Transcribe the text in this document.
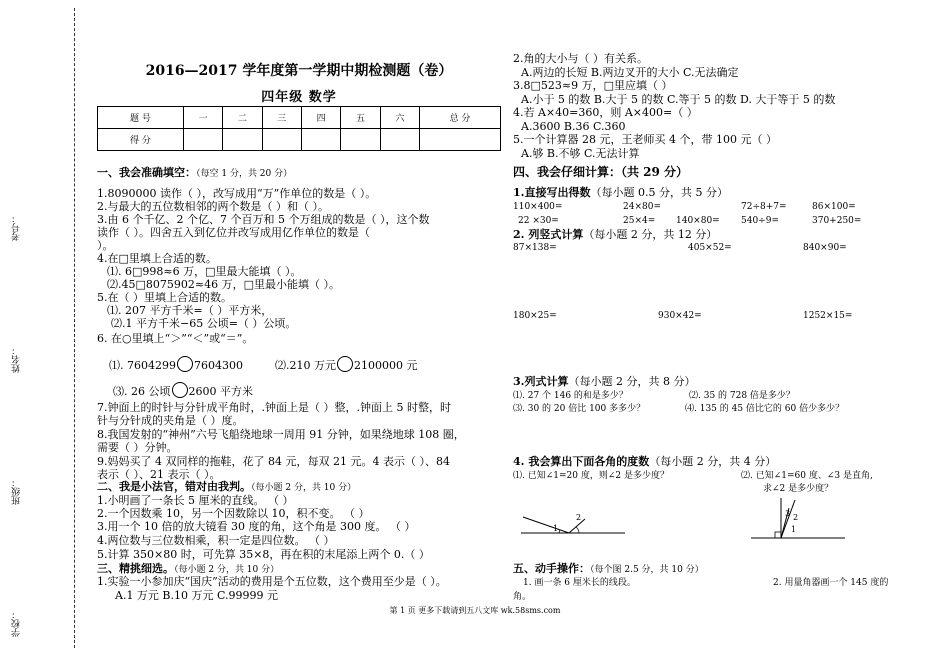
考号：
姓名：
班级：
学校：
2016—2017 学年度第一学期中期检测题（卷）
四年级 数学
题 号	一	二	三	四	五	六	总 分
得 分							
一、我会准确填空：（每空 1 分，共 20 分）
1.8090000 读作（ ），改写成用“万”作单位的数是（ ）。
2.与最大的五位数相邻的两个数是（ ）和（ ）。
3.由 6 个千亿、2 个亿、7 个百万和 5 个万组成的数是（ ），这个数
读作（ ）。四舍五入到亿位并改写成用亿作单位的数是（
）。
4.在□里填上合适的数。
⑴. 6□998≈6 万，□里最大能填（ ）。
⑵.45□8075902≈46 万，□里最小能填（ ）。
5.在（ ）里填上合适的数。
⑴. 207 平方千米=（ ）平方米，
⑵.1 平方千米−65 公顷=（ ）公顷。
6. 在○里填上“＞”“＜”或“＝”。
⑴. 7604299 7604300	⑵.210 万元 2100000 元
⑶. 26 公顷 2600 平方米
7.钟面上的时针与分针成平角时，.钟面上是（ ）整，.钟面上 5 时整，时
针与分针成的夹角是（ ）度。
8.我国发射的“神州”六号飞船绕地球一周用 91 分钟，如果绕地球 108 圈，
需要（ ）分钟。
9.妈妈买了 4 双同样的拖鞋，花了 84 元，每双 21 元。4 表示（ ）、84
表示（ ）、21 表示（ ）。
二、我是小法官，错对由我判。（每小题 2 分，共 10 分）
1.小明画了一条长 5 厘米的直线。 （ ）
2.一个因数乘 10，另一个因数除以 10，积不变。 （ ）
3.用一个 10 倍的放大镜看 30 度的角，这个角是 300 度。 （ ）
4.两位数与三位数相乘，积一定是四位数。 （ ）
5.计算 350×80 时，可先算 35×8，再在积的末尾添上两个 0.（ ）
三、精挑细选。（每小题 2 分，共 10 分）
1.实验一小参加庆“国庆”活动的费用是个五位数，这个费用至少是（ ）。
A.1 万元 B.10 万元 C.99999 元
2.角的大小与（ ）有关系。
A.两边的长短 B.两边叉开的大小 C.无法确定
3.8□523≈9 万，□里应填（ ）
A.小于 5 的数 B.大于 5 的数 C.等于 5 的数 D. 大于等于 5 的数
4.若 A×40=360，则 A×400=（ ）
A.3600 B.36 C.360
5.一个计算器 28 元，王老师买 4 个，带 100 元（ ）
A.够 B.不够 C.无法计算
四、我会仔细计算：（共 29 分）
1.直接写出得数（每小题 0.5 分，共 5 分）
110×400=	24×80=	72÷8+7=	86×100=
22 ×30=	25×4= 140×80= 540÷9=	370+250=
2. 列竖式计算（每小题 2 分，共 12 分）
87×138=	405×52=	840×90=
180×25=	930×42=	1252×15=
3.列式计算（每小题 2 分，共 8 分）
⑴. 27 个 146 的和是多少？	⑵. 35 的 728 倍是多少？
⑶. 30 的 20 倍比 100 多多少？	⑷. 135 的 45 倍比它的 60 倍少多少？
4. 我会算出下面各角的度数（每小题 2 分，共 4 分）
⑴. 已知∠1=20 度，则∠2 是多少度？	⑵. 已知∠1=60 度、∠3 是直角,
求∠2 是多少度？
1
2
1
2
3
五、动手操作：（每个图 2.5 分，共 10 分）
1. 画一条 6 厘米长的线段。	2. 用量角器画一个 145 度的
角。
第 1 页 更多下载请到五八文库 wk.58sms.com
